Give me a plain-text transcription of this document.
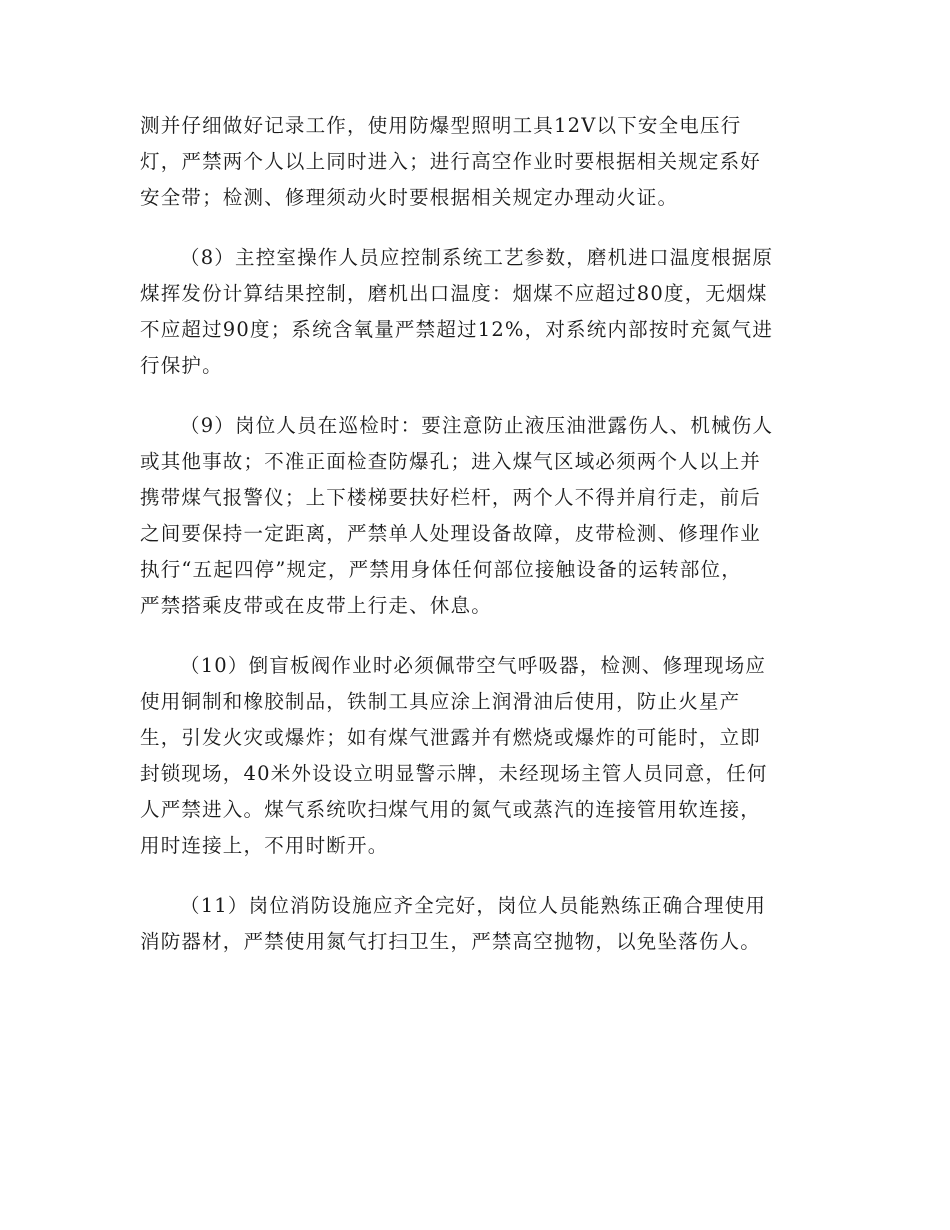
测并仔细做好记录工作，使用防爆型照明工具12V以下安全电压行
灯，严禁两个人以上同时进入；进行高空作业时要根据相关规定系好
安全带；检测、修理须动火时要根据相关规定办理动火证。
（8）主控室操作人员应控制系统工艺参数，磨机进口温度根据原
煤挥发份计算结果控制，磨机出口温度：烟煤不应超过80度，无烟煤
不应超过90度；系统含氧量严禁超过12%，对系统内部按时充氮气进
行保护。
（9）岗位人员在巡检时：要注意防止液压油泄露伤人、机械伤人
或其他事故；不准正面检查防爆孔；进入煤气区域必须两个人以上并
携带煤气报警仪；上下楼梯要扶好栏杆，两个人不得并肩行走，前后
之间要保持一定距离，严禁单人处理设备故障，皮带检测、修理作业
执行“五起四停”规定，严禁用身体任何部位接触设备的运转部位，
严禁搭乘皮带或在皮带上行走、休息。
（10）倒盲板阀作业时必须佩带空气呼吸器，检测、修理现场应
使用铜制和橡胶制品，铁制工具应涂上润滑油后使用，防止火星产
生，引发火灾或爆炸；如有煤气泄露并有燃烧或爆炸的可能时，立即
封锁现场，40米外设设立明显警示牌，未经现场主管人员同意，任何
人严禁进入。煤气系统吹扫煤气用的氮气或蒸汽的连接管用软连接，
用时连接上，不用时断开。
（11）岗位消防设施应齐全完好，岗位人员能熟练正确合理使用
消防器材，严禁使用氮气打扫卫生，严禁高空抛物，以免坠落伤人。
